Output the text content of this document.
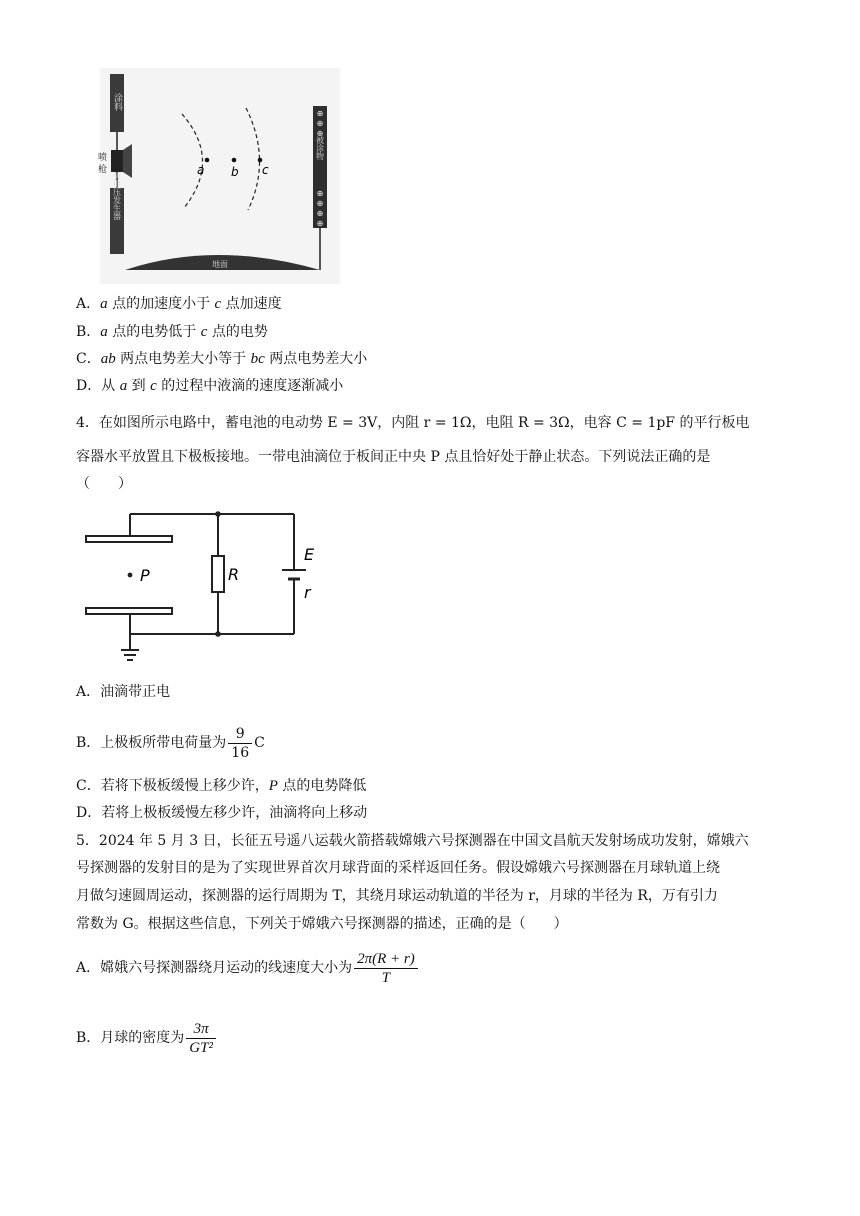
涂料
喷
枪
负电压发生器
地面
⊕
⊕
⊕
被涂物
⊕
⊕
⊕
⊕
a b c
A．a 点的加速度小于 c 点加速度
B．a 点的电势低于 c 点的电势
C．ab 两点电势差大小等于 bc 两点电势差大小
D．从 a 到 c 的过程中液滴的速度逐渐减小
4．在如图所示电路中，蓄电池的电动势 E = 3V，内阻 r = 1Ω，电阻 R = 3Ω，电容 C = 1pF 的平行板电
容器水平放置且下极板接地。一带电油滴位于板间正中央 P 点且恰好处于静止状态。下列说法正确的是
（　　）
P	R
E
r
A．油滴带正电
B．上极板所带电荷量为 $\frac{9}{16}$ C
C．若将下极板缓慢上移少许，P 点的电势降低
D．若将上极板缓慢左移少许，油滴将向上移动
5．2024 年 5 月 3 日，长征五号遥八运载火箭搭载嫦娥六号探测器在中国文昌航天发射场成功发射，嫦娥六
号探测器的发射目的是为了实现世界首次月球背面的采样返回任务。假设嫦娥六号探测器在月球轨道上绕
月做匀速圆周运动，探测器的运行周期为 T，其绕月球运动轨道的半径为 r，月球的半径为 R，万有引力
常数为 G。根据这些信息，下列关于嫦娥六号探测器的描述，正确的是（　　）
A．嫦娥六号探测器绕月运动的线速度大小为 $\frac{2\pi(R + r)}{T}$
B．月球的密度为 $\frac{3\pi}{\text{GT²}}$
